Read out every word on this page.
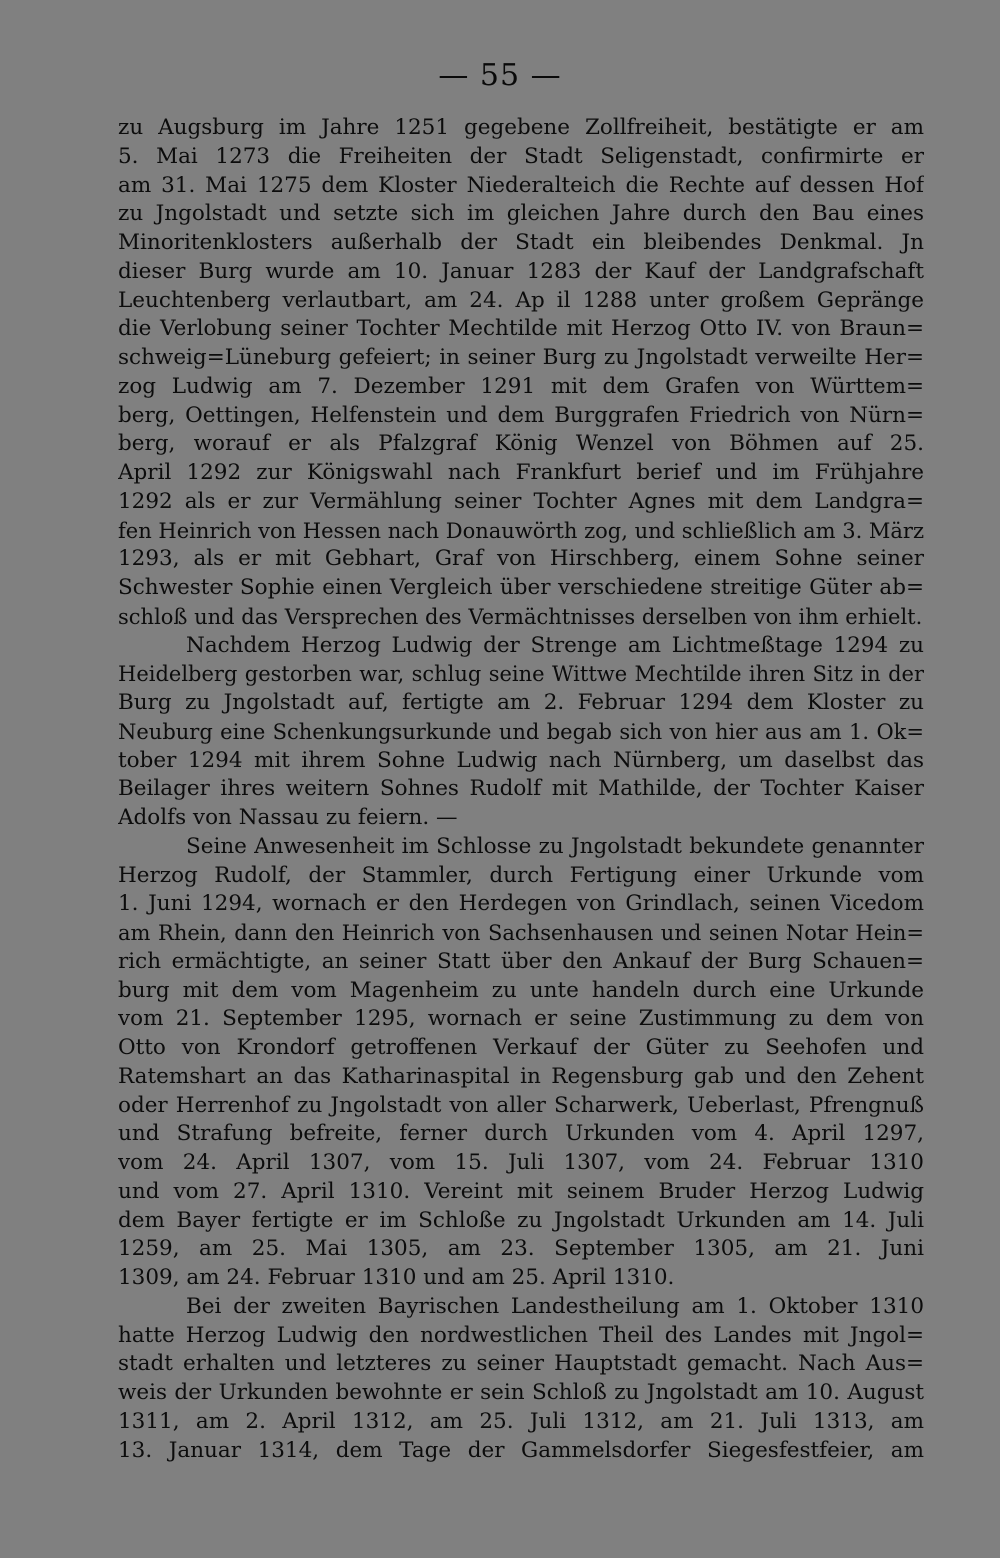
— 55 —
zu Augsburg im Jahre 1251 gegebene Zollfreiheit, bestätigte er am
5. Mai 1273 die Freiheiten der Stadt Seligenstadt, confirmirte er
am 31. Mai 1275 dem Kloster Niederalteich die Rechte auf dessen Hof
zu Jngolstadt und setzte sich im gleichen Jahre durch den Bau eines
Minoritenklosters außerhalb der Stadt ein bleibendes Denkmal. Jn
dieser Burg wurde am 10. Januar 1283 der Kauf der Landgrafschaft
Leuchtenberg verlautbart, am 24. Ap il 1288 unter großem Gepränge
die Verlobung seiner Tochter Mechtilde mit Herzog Otto IV. von Braun=
schweig=Lüneburg gefeiert; in seiner Burg zu Jngolstadt verweilte Her=
zog Ludwig am 7. Dezember 1291 mit dem Grafen von Württem=
berg, Oettingen, Helfenstein und dem Burggrafen Friedrich von Nürn=
berg, worauf er als Pfalzgraf König Wenzel von Böhmen auf 25.
April 1292 zur Königswahl nach Frankfurt berief und im Frühjahre
1292 als er zur Vermählung seiner Tochter Agnes mit dem Landgra=
fen Heinrich von Hessen nach Donauwörth zog, und schließlich am 3. März
1293, als er mit Gebhart, Graf von Hirschberg, einem Sohne seiner
Schwester Sophie einen Vergleich über verschiedene streitige Güter ab=
schloß und das Versprechen des Vermächtnisses derselben von ihm erhielt.
Nachdem Herzog Ludwig der Strenge am Lichtmeßtage 1294 zu
Heidelberg gestorben war, schlug seine Wittwe Mechtilde ihren Sitz in der
Burg zu Jngolstadt auf, fertigte am 2. Februar 1294 dem Kloster zu
Neuburg eine Schenkungsurkunde und begab sich von hier aus am 1. Ok=
tober 1294 mit ihrem Sohne Ludwig nach Nürnberg, um daselbst das
Beilager ihres weitern Sohnes Rudolf mit Mathilde, der Tochter Kaiser
Adolfs von Nassau zu feiern. —
Seine Anwesenheit im Schlosse zu Jngolstadt bekundete genannter
Herzog Rudolf, der Stammler, durch Fertigung einer Urkunde vom
1. Juni 1294, wornach er den Herdegen von Grindlach, seinen Vicedom
am Rhein, dann den Heinrich von Sachsenhausen und seinen Notar Hein=
rich ermächtigte, an seiner Statt über den Ankauf der Burg Schauen=
burg mit dem vom Magenheim zu unte handeln durch eine Urkunde
vom 21. September 1295, wornach er seine Zustimmung zu dem von
Otto von Krondorf getroffenen Verkauf der Güter zu Seehofen und
Ratemshart an das Katharinaspital in Regensburg gab und den Zehent
oder Herrenhof zu Jngolstadt von aller Scharwerk, Ueberlast, Pfrengnuß
und Strafung befreite, ferner durch Urkunden vom 4. April 1297,
vom 24. April 1307, vom 15. Juli 1307, vom 24. Februar 1310
und vom 27. April 1310. Vereint mit seinem Bruder Herzog Ludwig
dem Bayer fertigte er im Schloße zu Jngolstadt Urkunden am 14. Juli
1259, am 25. Mai 1305, am 23. September 1305, am 21. Juni
1309, am 24. Februar 1310 und am 25. April 1310.
Bei der zweiten Bayrischen Landestheilung am 1. Oktober 1310
hatte Herzog Ludwig den nordwestlichen Theil des Landes mit Jngol=
stadt erhalten und letzteres zu seiner Hauptstadt gemacht. Nach Aus=
weis der Urkunden bewohnte er sein Schloß zu Jngolstadt am 10. August
1311, am 2. April 1312, am 25. Juli 1312, am 21. Juli 1313, am
13. Januar 1314, dem Tage der Gammelsdorfer Siegesfestfeier, am
